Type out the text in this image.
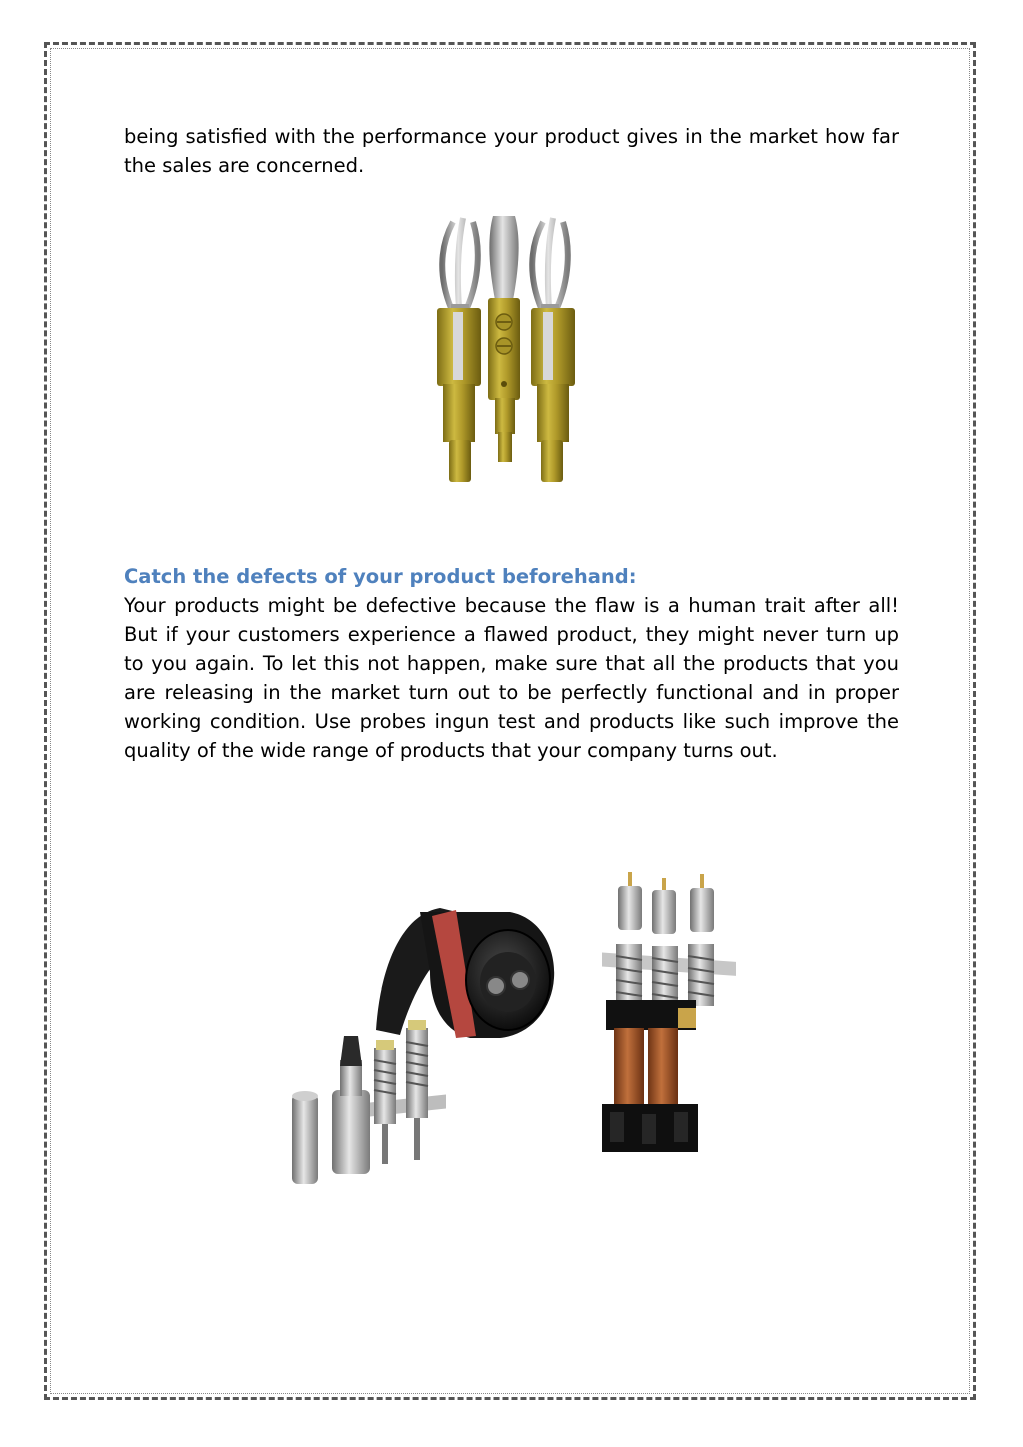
being satisfied with the performance your product gives in the market how far the sales are concerned.

Catch the defects of your product beforehand:

Your products might be defective because the flaw is a human trait after all! But if your customers experience a flawed product, they might never turn up to you again. To let this not happen, make sure that all the products that you are releasing in the market turn out to be perfectly functional and in proper working condition. Use probes ingun test and products like such improve the quality of the wide range of products that your company turns out.
